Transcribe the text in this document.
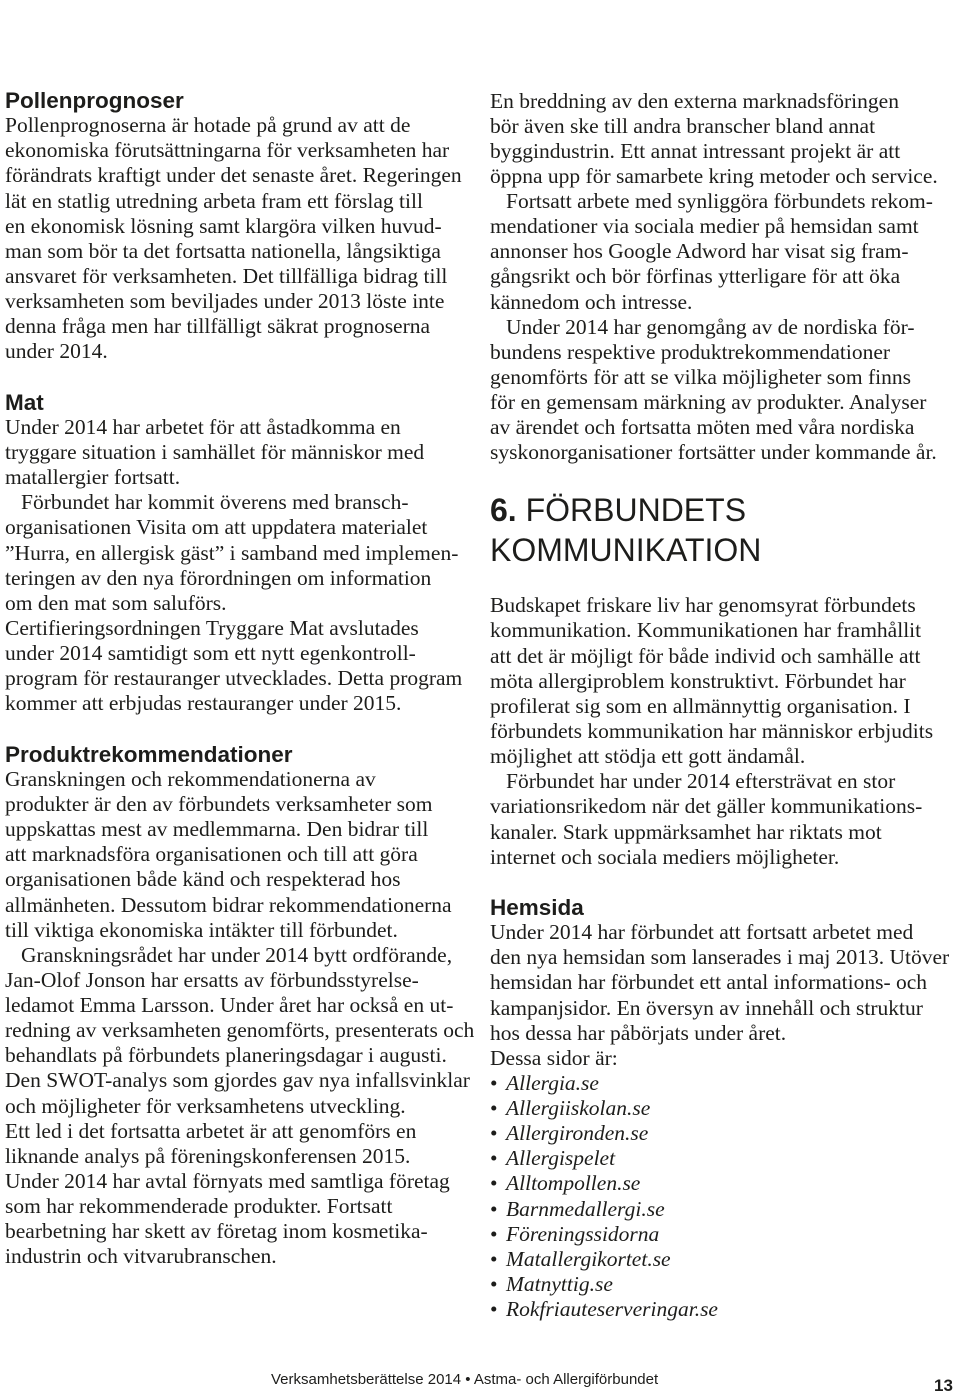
Pollenprognoser

Pollenprognoserna är hotade på grund av att de
ekonomiska förutsättningarna för verksamheten har
förändrats kraftigt under det senaste året. Regeringen
lät en statlig utredning arbeta fram ett förslag till
en ekonomisk lösning samt klargöra vilken huvud-
man som bör ta det fortsatta nationella, långsiktiga
ansvaret för verksamheten. Det tillfälliga bidrag till
verksamheten som beviljades under 2013 löste inte
denna fråga men har tillfälligt säkrat prognoserna
under 2014.

Mat

Under 2014 har arbetet för att åstadkomma en
tryggare situation i samhället för människor med
matallergier fortsatt.

Förbundet har kommit överens med bransch-
organisationen Visita om att uppdatera materialet
”Hurra, en allergisk gäst” i samband med implemen-
teringen av den nya förordningen om information
om den mat som saluförs.

Certifieringsordningen Tryggare Mat avslutades
under 2014 samtidigt som ett nytt egenkontroll-
program för restauranger utvecklades. Detta program
kommer att erbjudas restauranger under 2015.

Produktrekommendationer

Granskningen och rekommendationerna av
produkter är den av förbundets verksamheter som
uppskattas mest av medlemmarna. Den bidrar till
att marknadsföra organisationen och till att göra
organisationen både känd och respekterad hos
allmänheten. Dessutom bidrar rekommendationerna
till viktiga ekonomiska intäkter till förbundet.

Granskningsrådet har under 2014 bytt ordförande,
Jan-Olof Jonson har ersatts av förbundsstyrelse-
ledamot Emma Larsson. Under året har också en ut-
redning av verksamheten genomförts, presenterats och
behandlats på förbundets planeringsdagar i augusti.

Den SWOT-analys som gjordes gav nya infallsvinklar
och möjligheter för verksamhetens utveckling.
Ett led i det fortsatta arbetet är att genomförs en
liknande analys på föreningskonferensen 2015.
Under 2014 har avtal förnyats med samtliga företag
som har rekommenderade produkter. Fortsatt
bearbetning har skett av företag inom kosmetika-
industrin och vitvarubranschen.

En breddning av den externa marknadsföringen
bör även ske till andra branscher bland annat
byggindustrin. Ett annat intressant projekt är att
öppna upp för samarbete kring metoder och service.

Fortsatt arbete med synliggöra förbundets rekom-
mendationer via sociala medier på hemsidan samt
annonser hos Google Adword har visat sig fram-
gångsrikt och bör förfinas ytterligare för att öka
kännedom och intresse.

Under 2014 har genomgång av de nordiska för-
bundens respektive produktrekommendationer
genomförts för att se vilka möjligheter som finns
för en gemensam märkning av produkter. Analyser
av ärendet och fortsatta möten med våra nordiska
syskonorganisationer fortsätter under kommande år.

6. FÖRBUNDETS
KOMMUNIKATION

Budskapet friskare liv har genomsyrat förbundets
kommunikation. Kommunikationen har framhållit
att det är möjligt för både individ och samhälle att
möta allergiproblem konstruktivt. Förbundet har
profilerat sig som en allmännyttig organisation. I
förbundets kommunikation har människor erbjudits
möjlighet att stödja ett gott ändamål.

Förbundet har under 2014 eftersträvat en stor
variationsrikedom när det gäller kommunikations-
kanaler. Stark uppmärksamhet har riktats mot
internet och sociala mediers möjligheter.

Hemsida

Under 2014 har förbundet att fortsatt arbetet med
den nya hemsidan som lanserades i maj 2013. Utöver
hemsidan har förbundet ett antal informations- och
kampanjsidor. En översyn av innehåll och struktur
hos dessa har påbörjats under året.
Dessa sidor är:

• Allergia.se
• Allergiiskolan.se
• Allergironden.se
• Allergispelet
• Alltompollen.se
• Barnmedallergi.se
• Föreningssidorna
• Matallergikortet.se
• Matnyttig.se
• Rokfriauteserveringar.se
Verksamhetsberättelse 2014 • Astma- och Allergiförbundet	13
